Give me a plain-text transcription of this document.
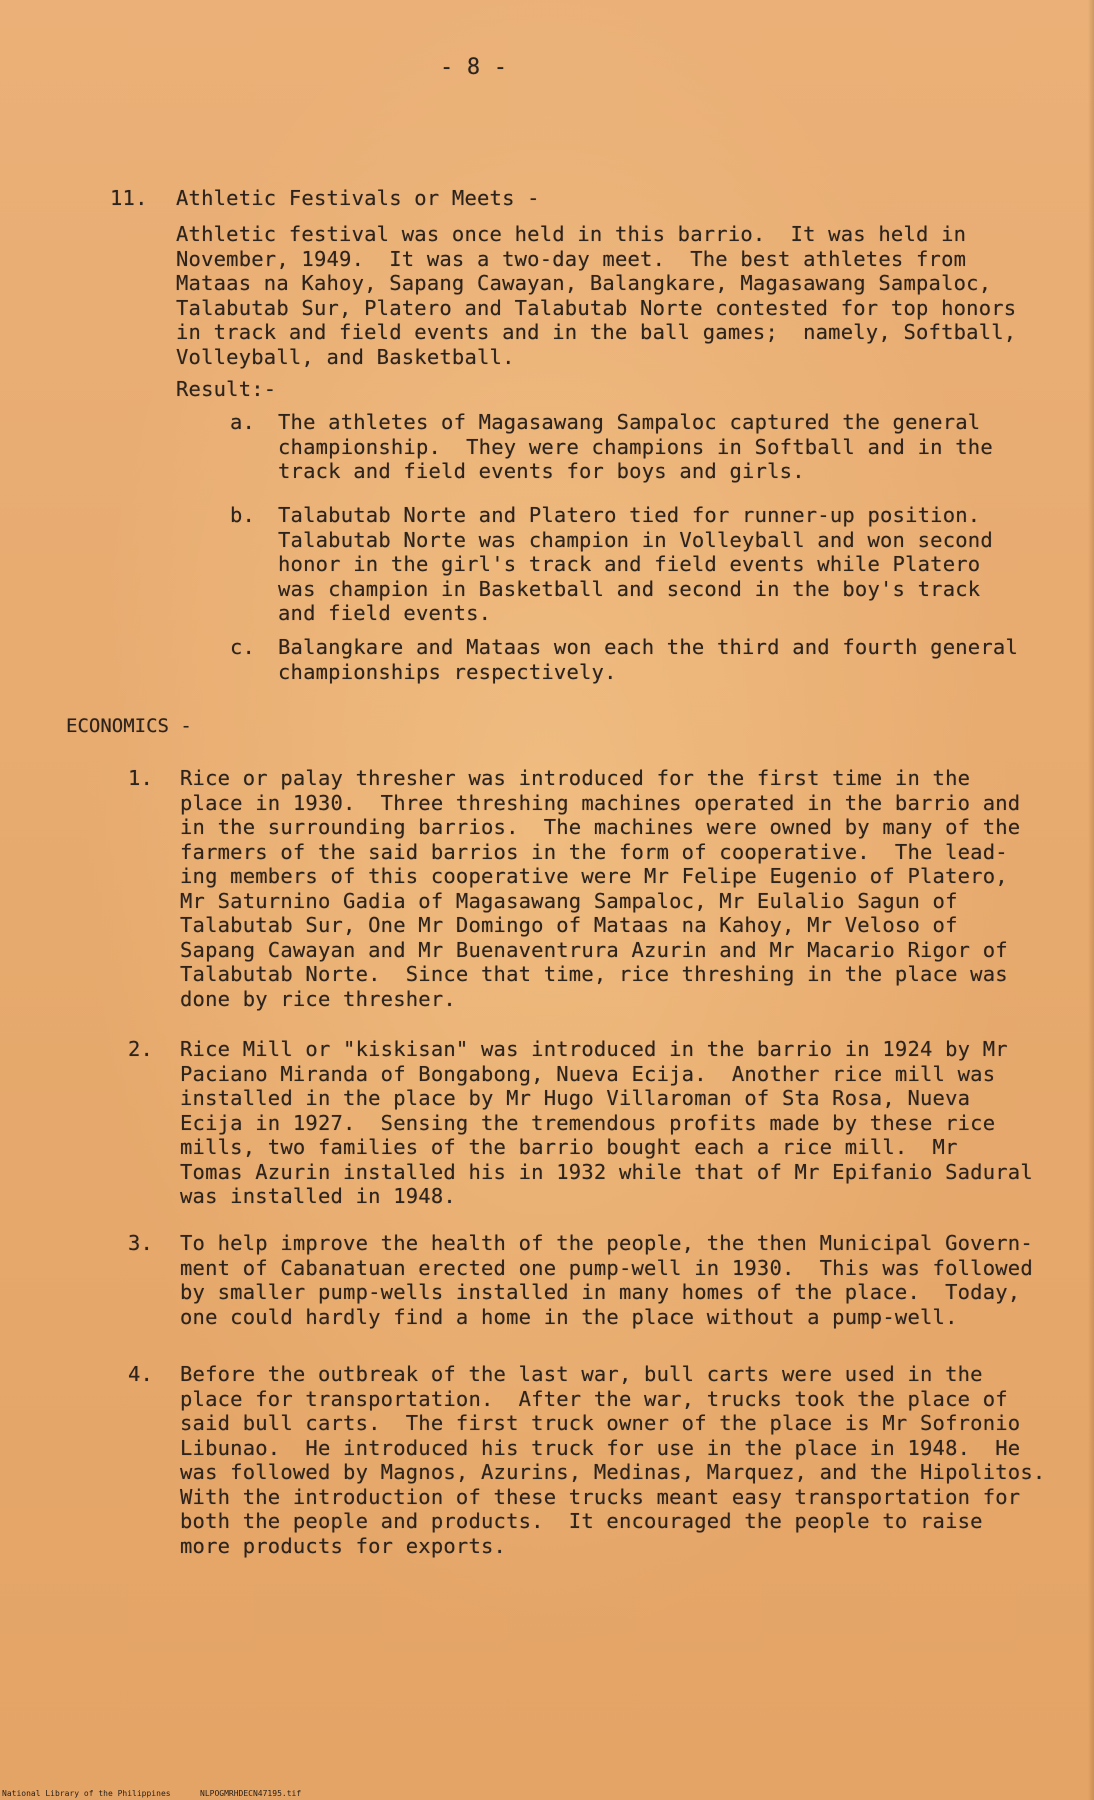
- 8 -
11. Athletic Festivals or Meets -
Athletic festival was once held in this barrio.  It was held in
November, 1949.  It was a two-day meet.  The best athletes from
Mataas na Kahoy, Sapang Cawayan, Balangkare, Magasawang Sampaloc,
Talabutab Sur, Platero and Talabutab Norte contested for top honors
in track and field events and in the ball games;  namely, Softball,
Volleyball, and Basketball.
Result:-
a. The athletes of Magasawang Sampaloc captured the general
championship.  They were champions in Softball and in the
track and field events for boys and girls.
b. Talabutab Norte and Platero tied for runner-up position.
Talabutab Norte was champion in Volleyball and won second
honor in the girl's track and field events while Platero
was champion in Basketball and second in the boy's track
and field events.
c. Balangkare and Mataas won each the third and fourth general
championships respectively.
ECONOMICS -
1. Rice or palay thresher was introduced for the first time in the
place in 1930.  Three threshing machines operated in the barrio and
in the surrounding barrios.  The machines were owned by many of the
farmers of the said barrios in the form of cooperative.  The lead-
ing members of this cooperative were Mr Felipe Eugenio of Platero,
Mr Saturnino Gadia of Magasawang Sampaloc, Mr Eulalio Sagun of
Talabutab Sur, One Mr Domingo of Mataas na Kahoy, Mr Veloso of
Sapang Cawayan and Mr Buenaventrura Azurin and Mr Macario Rigor of
Talabutab Norte.  Since that time, rice threshing in the place was
done by rice thresher.
2. Rice Mill or "kiskisan" was introduced in the barrio in 1924 by Mr
Paciano Miranda of Bongabong, Nueva Ecija.  Another rice mill was
installed in the place by Mr Hugo Villaroman of Sta Rosa, Nueva
Ecija in 1927.  Sensing the tremendous profits made by these rice
mills, two families of the barrio bought each a rice mill.  Mr
Tomas Azurin installed his in 1932 while that of Mr Epifanio Sadural
was installed in 1948.
3. To help improve the health of the people, the then Municipal Govern-
ment of Cabanatuan erected one pump-well in 1930.  This was followed
by smaller pump-wells installed in many homes of the place.  Today,
one could hardly find a home in the place without a pump-well.
4. Before the outbreak of the last war, bull carts were used in the
place for transportation.  After the war, trucks took the place of
said bull carts.  The first truck owner of the place is Mr Sofronio
Libunao.  He introduced his truck for use in the place in 1948.  He
was followed by Magnos, Azurins, Medinas, Marquez, and the Hipolitos.
With the introduction of these trucks meant easy transportation for
both the people and products.  It encouraged the people to raise
more products for exports.
National Library of the Philippines	NLPOGMRHDECN47195.tif
